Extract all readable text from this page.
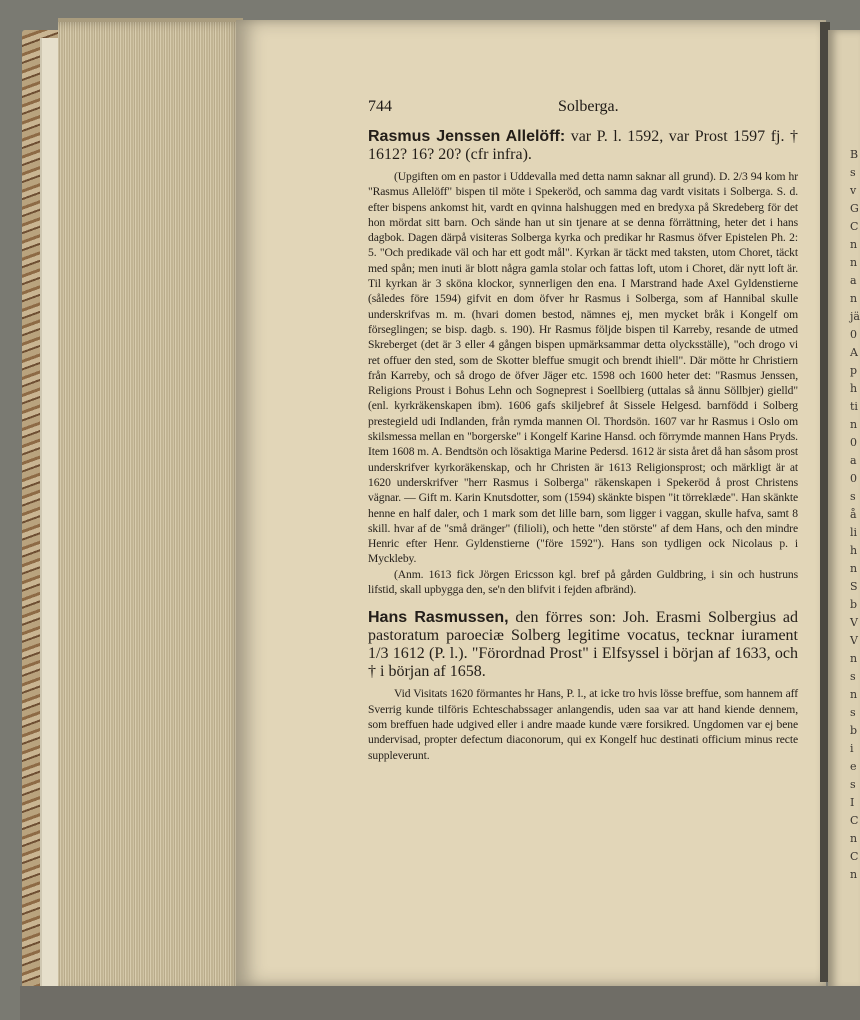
B
s
v
G
C
n
n
a
n
jä
0
A
p
h
ti
n
0
a
0
s
å
li
h
n
S
b
V
V
n
s
n
s
b
i
e
s
I
C
n
C
n
744	Solberga.

Rasmus Jenssen Allelöff: var P. l. 1592, var Prost 1597 fj. † 1612? 16? 20? (cfr infra).

(Upgiften om en pastor i Uddevalla med detta namn saknar all grund). D. 2/3 94 kom hr "Rasmus Allelöff" bispen til möte i Spekeröd, och samma dag vardt visitats i Solberga. S. d. efter bispens ankomst hit, vardt en qvinna halshuggen med en bredyxa på Skredeberg för det hon mördat sitt barn. Och sände han ut sin tjenare at se denna förrättning, heter det i hans dagbok. Dagen därpå visiteras Solberga kyrka och predikar hr Rasmus öfver Epistelen Ph. 2: 5. "Och predikade väl och har ett godt mål". Kyrkan är täckt med taksten, utom Choret, täckt med spån; men inuti är blott några gamla stolar och fattas loft, utom i Choret, där nytt loft är. Til kyrkan är 3 sköna klockor, synnerligen den ena. I Marstrand hade Axel Gyldenstierne (således före 1594) gifvit en dom öfver hr Rasmus i Solberga, som af Hannibal skulle underskrifvas m. m. (hvari domen bestod, nämnes ej, men mycket bråk i Kongelf om förseglingen; se bisp. dagb. s. 190). Hr Rasmus följde bispen til Karreby, resande de utmed Skreberget (det är 3 eller 4 gången bispen upmärksammar detta olycksställe), "och drogo vi ret offuer den sted, som de Skotter bleffue smugit och brendt ihiell". Där mötte hr Christiern från Karreby, och så drogo de öfver Jäger etc. 1598 och 1600 heter det: "Rasmus Jenssen, Religions Proust i Bohus Lehn och Sogneprest i Soellbierg (uttalas så ännu Söllbjer) gielld" (enl. kyrkräkenskapen ibm). 1606 gafs skiljebref åt Sissele Helgesd. barnfödd i Solberg prestegield udi Indlanden, från rymda mannen Ol. Thordsön. 1607 var hr Rasmus i Oslo om skilsmessa mellan en "borgerske" i Kongelf Karine Hansd. och förrymde mannen Hans Pryds. Item 1608 m. A. Bendtsön och lösaktiga Marine Pedersd. 1612 är sista året då han såsom prost underskrifver kyrkoräkenskap, och hr Christen är 1613 Religionsprost; och märkligt är at 1620 underskrifver "herr Rasmus i Solberga" räkenskapen i Spekeröd å prost Christens vägnar. — Gift m. Karin Knutsdotter, som (1594) skänkte bispen "it törreklæde". Han skänkte henne en half daler, och 1 mark som det lille barn, som ligger i vaggan, skulle hafva, samt 8 skill. hvar af de "små dränger" (filioli), och hette "den störste" af dem Hans, och den mindre Henric efter Henr. Gyldenstierne ("före 1592"). Hans son tydligen ock Nicolaus p. i Myckleby.

(Anm. 1613 fick Jörgen Ericsson kgl. bref på gården Guldbring, i sin och hustruns lifstid, skall upbygga den, se'n den blifvit i fejden afbränd).

Hans Rasmussen, den förres son: Joh. Erasmi Solbergius ad pastoratum paroeciæ Solberg legitime vocatus, tecknar iurament 1/3 1612 (P. l.). "Förordnad Prost" i Elfsyssel i början af 1633, och † i början af 1658.

Vid Visitats 1620 förmantes hr Hans, P. l., at icke tro hvis lösse breffue, som hannem aff Sverrig kunde tilföris Echteschabssager anlangendis, uden saa var att hand kiende dennem, som breffuen hade udgived eller i andre maade kunde være forsikred. Ungdomen var ej bene undervisad, propter defectum diaconorum, qui ex Kongelf huc destinati officium minus recte suppleverunt.
